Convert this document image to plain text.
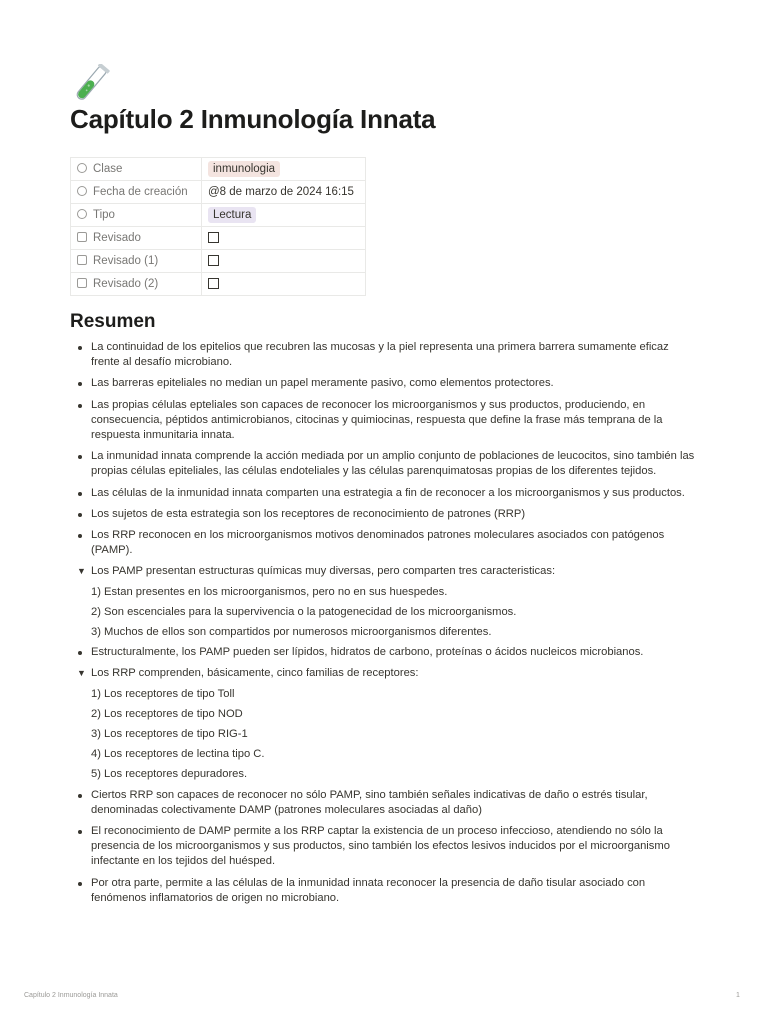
Capítulo 2 Inmunología Innata
Clase	inmunologia
Fecha de creación	@8 de marzo de 2024 16:15
Tipo	Lectura
Revisado	
Revisado (1)	
Revisado (2)	
Resumen
La continuidad de los epitelios que recubren las mucosas y la piel representa una primera barrera sumamente eficaz frente al desafío microbiano.
Las barreras epiteliales no median un papel meramente pasivo, como elementos protectores.
Las propias células epteliales son capaces de reconocer los microorganismos y sus productos, produciendo, en consecuencia, péptidos antimicrobianos, citocinas y quimiocinas, respuesta que define la frase más temprana de la respuesta inmunitaria innata.
La inmunidad innata comprende la acción mediada por un amplio conjunto de poblaciones de leucocitos, sino también las propias células epiteliales, las células endoteliales y las células parenquimatosas propias de los diferentes tejidos.
Las células de la inmunidad innata comparten una estrategia a fin de reconocer a los microorganismos y sus productos.
Los sujetos de esta estrategia son los receptores de reconocimiento de patrones (RRP)
Los RRP reconocen en los microorganismos motivos denominados patrones moleculares asociados con patógenos (PAMP).
▼ Los PAMP presentan estructuras químicas muy diversas, pero comparten tres caracteristicas:
1) Estan presentes en los microorganismos, pero no en sus huespedes.
2) Son escenciales para la supervivencia o la patogenecidad de los microorganismos.
3) Muchos de ellos son compartidos por numerosos microorganismos diferentes.
Estructuralmente, los PAMP pueden ser lípidos, hidratos de carbono, proteínas o ácidos nucleicos microbianos.
▼ Los RRP comprenden, básicamente, cinco familias de receptores:
1) Los receptores de tipo Toll
2) Los receptores de tipo NOD
3) Los receptores de tipo RIG-1
4) Los receptores de lectina tipo C.
5) Los receptores depuradores.
Ciertos RRP son capaces de reconocer no sólo PAMP, sino también señales indicativas de daño o estrés tisular, denominadas colectivamente DAMP (patrones moleculares asociadas al daño)
El reconocimiento de DAMP permite a los RRP captar la existencia de un proceso infeccioso, atendiendo no sólo la presencia de los microorganismos y sus productos, sino también los efectos lesivos inducidos por el microorganismo infectante en los tejidos del huésped.
Por otra parte, permite a las células de la inmunidad innata reconocer la presencia de daño tisular asociado con fenómenos inflamatorios de origen no microbiano.
Capítulo 2 Inmunología Innata	1
